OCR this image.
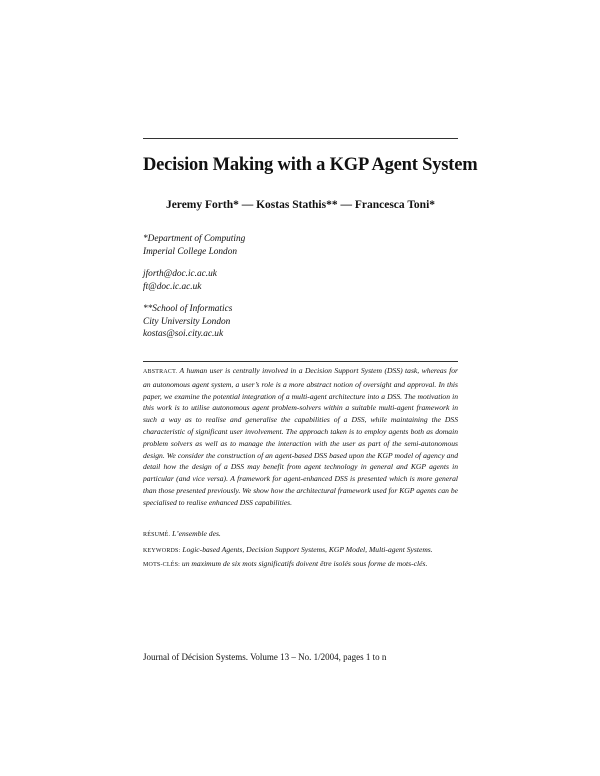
Decision Making with a KGP Agent System
Jeremy Forth* — Kostas Stathis** — Francesca Toni*
*Department of Computing
Imperial College London
jforth@doc.ic.ac.uk
ft@doc.ic.ac.uk
**School of Informatics
City University London
kostas@soi.city.ac.uk
ABSTRACT. A human user is centrally involved in a Decision Support System (DSS) task, whereas for an autonomous agent system, a user’s role is a more abstract notion of oversight and approval. In this paper, we examine the potential integration of a multi-agent architecture into a DSS. The motivation in this work is to utilise autonomous agent problem-solvers within a suitable multi-agent framework in such a way as to realise and generalise the capabilities of a DSS, while maintaining the DSS characteristic of significant user involvement. The approach taken is to employ agents both as domain problem solvers as well as to manage the interaction with the user as part of the semi-autonomous design. We consider the construction of an agent-based DSS based upon the KGP model of agency and detail how the design of a DSS may benefit from agent technology in general and KGP agents in particular (and vice versa). A framework for agent-enhanced DSS is presented which is more general than those presented previously. We show how the architectural framework used for KGP agents can be specialised to realise enhanced DSS capabilities.
RÉSUMÉ. L’ensemble des.
KEYWORDS: Logic-based Agents, Decision Support Systems, KGP Model, Multi-agent Systems.
MOTS-CLÉS: un maximum de six mots significatifs doivent être isolés sous forme de mots-clés.
Journal of Décision Systems. Volume 13 – No. 1/2004, pages 1 to n
